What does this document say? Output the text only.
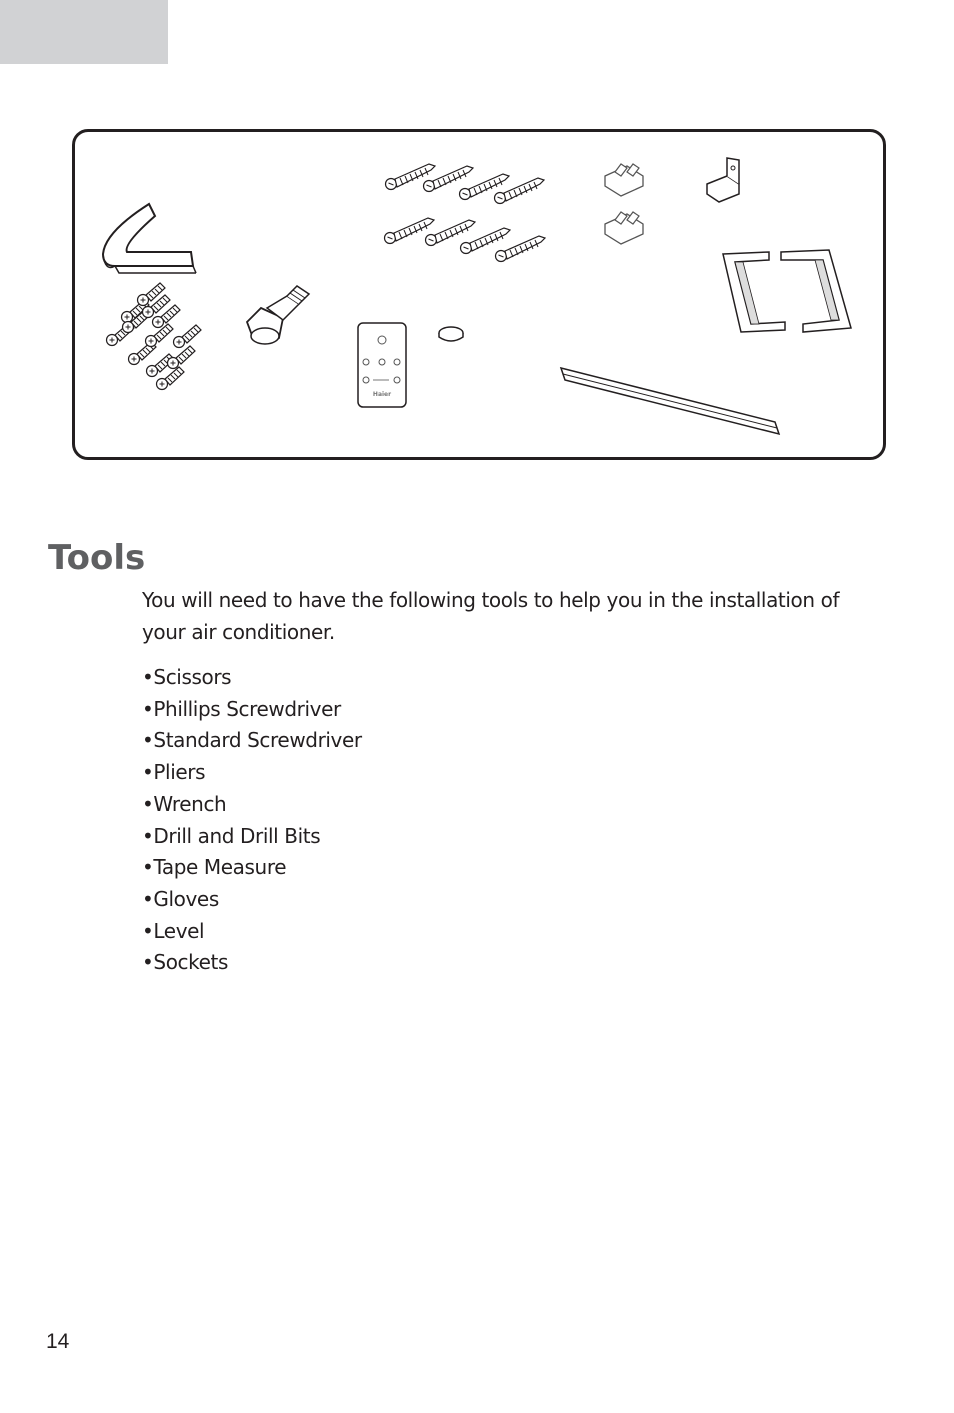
Haier
Tools

You will need to have the following tools to help you in the installation of your air conditioner.

•Scissors
•Phillips Screwdriver
•Standard Screwdriver
•Pliers
•Wrench
•Drill and Drill Bits
•Tape Measure
•Gloves
•Level
•Sockets
14
